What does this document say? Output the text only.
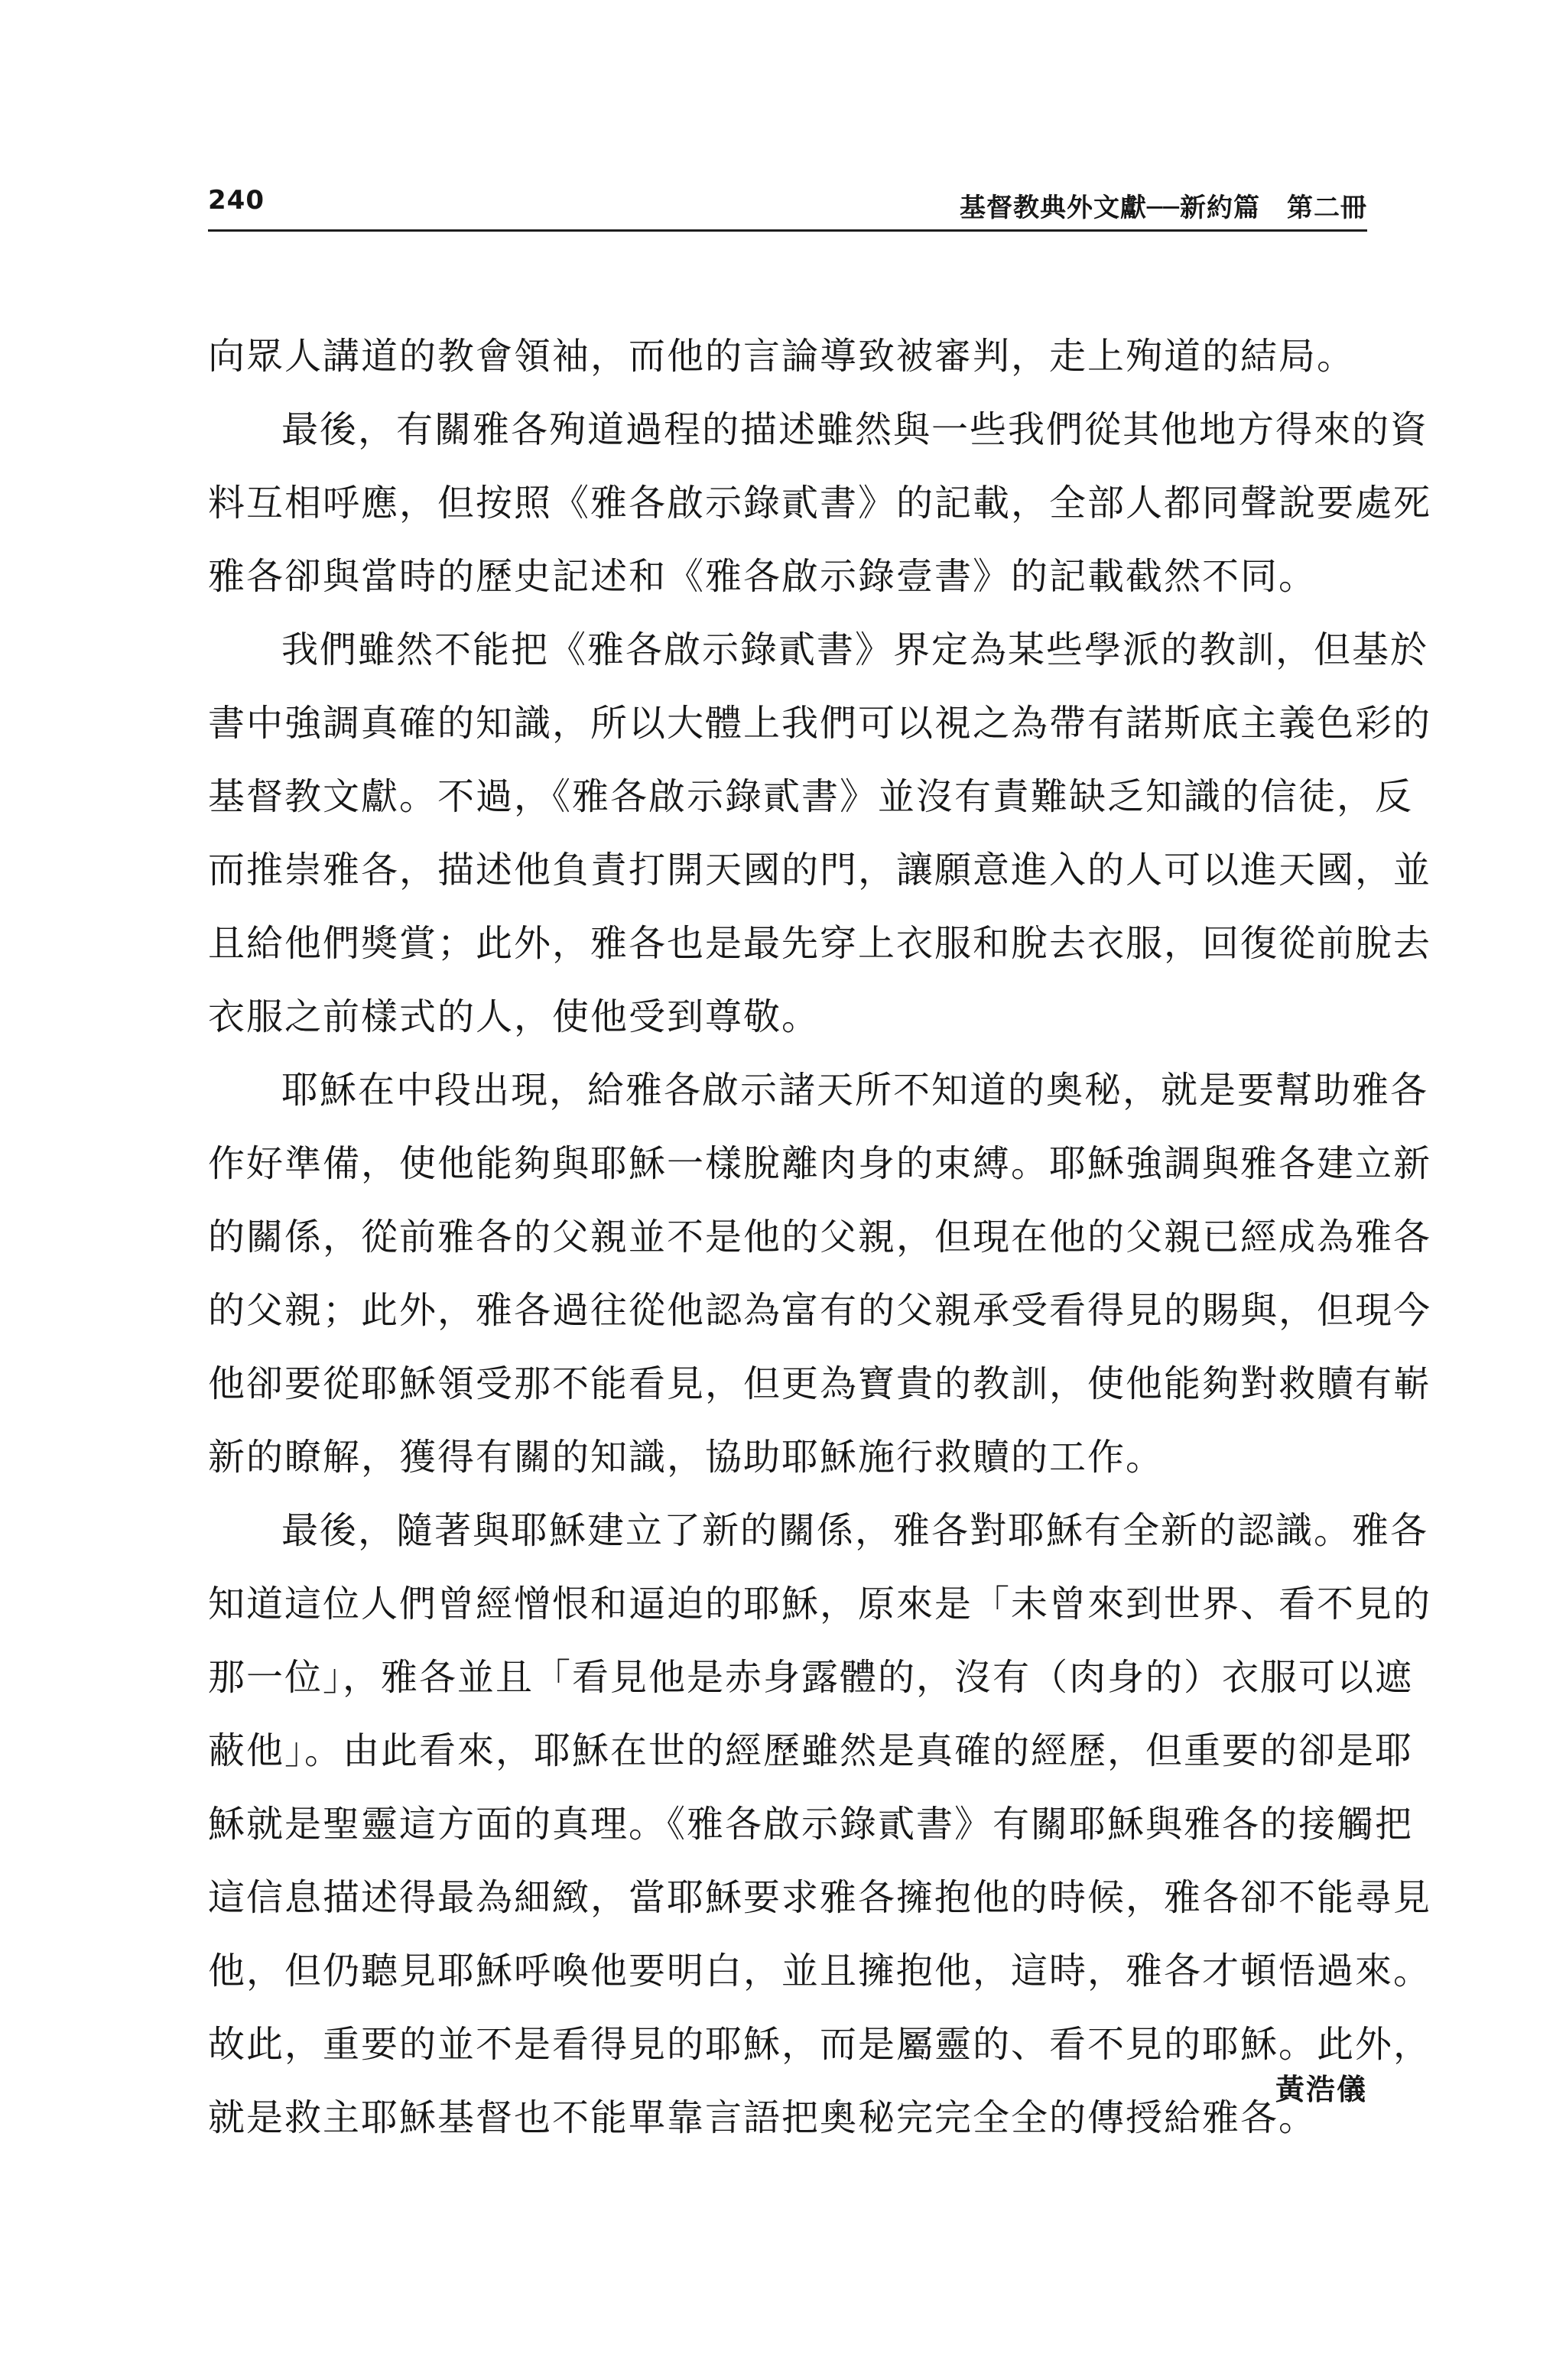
240	基督教典外文獻──新約篇　第二冊
向眾人講道的教會領袖，而他的言論導致被審判，走上殉道的結局。
最後，有關雅各殉道過程的描述雖然與一些我們從其他地方得來的資
料互相呼應，但按照《雅各啟示錄貳書》的記載，全部人都同聲說要處死
雅各卻與當時的歷史記述和《雅各啟示錄壹書》的記載截然不同。
我們雖然不能把《雅各啟示錄貳書》界定為某些學派的教訓，但基於
書中強調真確的知識，所以大體上我們可以視之為帶有諾斯底主義色彩的
基督教文獻。不過，《雅各啟示錄貳書》並沒有責難缺乏知識的信徒，反
而推崇雅各，描述他負責打開天國的門，讓願意進入的人可以進天國，並
且給他們獎賞；此外，雅各也是最先穿上衣服和脫去衣服，回復從前脫去
衣服之前樣式的人，使他受到尊敬。
耶穌在中段出現，給雅各啟示諸天所不知道的奧秘，就是要幫助雅各
作好準備，使他能夠與耶穌一樣脫離肉身的束縛。耶穌強調與雅各建立新
的關係，從前雅各的父親並不是他的父親，但現在他的父親已經成為雅各
的父親；此外，雅各過往從他認為富有的父親承受看得見的賜與，但現今
他卻要從耶穌領受那不能看見，但更為寶貴的教訓，使他能夠對救贖有嶄
新的瞭解，獲得有關的知識，協助耶穌施行救贖的工作。
最後，隨著與耶穌建立了新的關係，雅各對耶穌有全新的認識。雅各
知道這位人們曾經憎恨和逼迫的耶穌，原來是「未曾來到世界、看不見的
那一位」，雅各並且「看見他是赤身露體的，沒有（肉身的）衣服可以遮
蔽他」。由此看來，耶穌在世的經歷雖然是真確的經歷，但重要的卻是耶
穌就是聖靈這方面的真理。《雅各啟示錄貳書》有關耶穌與雅各的接觸把
這信息描述得最為細緻，當耶穌要求雅各擁抱他的時候，雅各卻不能尋見
他，但仍聽見耶穌呼喚他要明白，並且擁抱他，這時，雅各才頓悟過來。
故此，重要的並不是看得見的耶穌，而是屬靈的、看不見的耶穌。此外，
就是救主耶穌基督也不能單靠言語把奧秘完完全全的傳授給雅各。
黃浩儀
